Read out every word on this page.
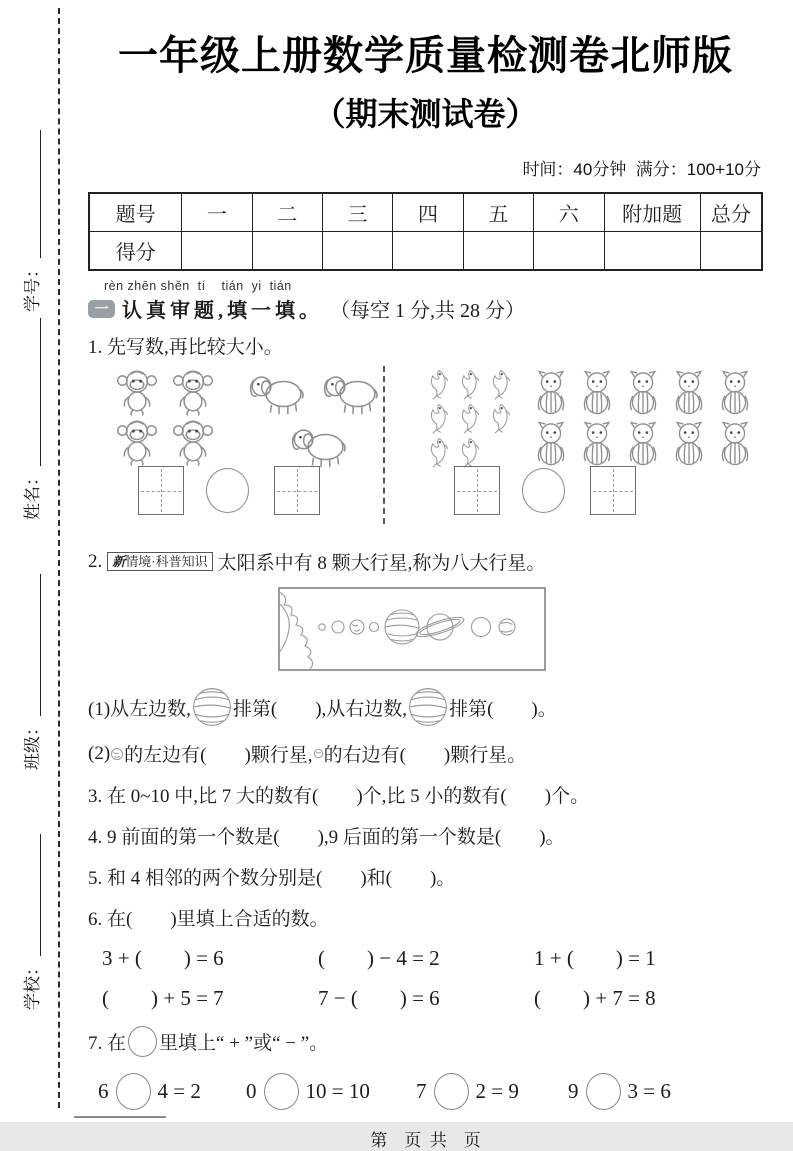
学号：
姓名：
班级：
学校：
一年级上册数学质量检测卷北师版
（期末测试卷）
时间：40分钟  满分：100+10分
题号	一	二	三	四	五	六	附加题	总分
得分								
rèn zhēn shěn  tí    tián  yi  tián
一 认真审题,填一填。 （每空 1 分,共 28 分）
1. 先写数,再比较大小。

2. 新情境·科普知识 太阳系中有 8 颗大行星,称为八大行星。
(1)从左边数, 排第(        ),从右边数, 排第(        )。
(2) 的左边有(        )颗行星, 的右边有(        )颗行星。
3. 在 0~10 中,比 7 大的数有(        )个,比 5 小的数有(        )个。
4. 9 前面的第一个数是(        ),9 后面的第一个数是(        )。
5. 和 4 相邻的两个数分别是(        )和(        )。
6. 在(        )里填上合适的数。
3 + (        ) = 6	(        ) − 4 = 2	1 + (        ) = 1
(        ) + 5 = 7	7 − (        ) = 6	(        ) + 7 = 8
7. 在 里填上“ + ”或“ − ”。
6 4 = 2 0 10 = 10 7 2 = 9 9 3 = 6
第    页  共    页
